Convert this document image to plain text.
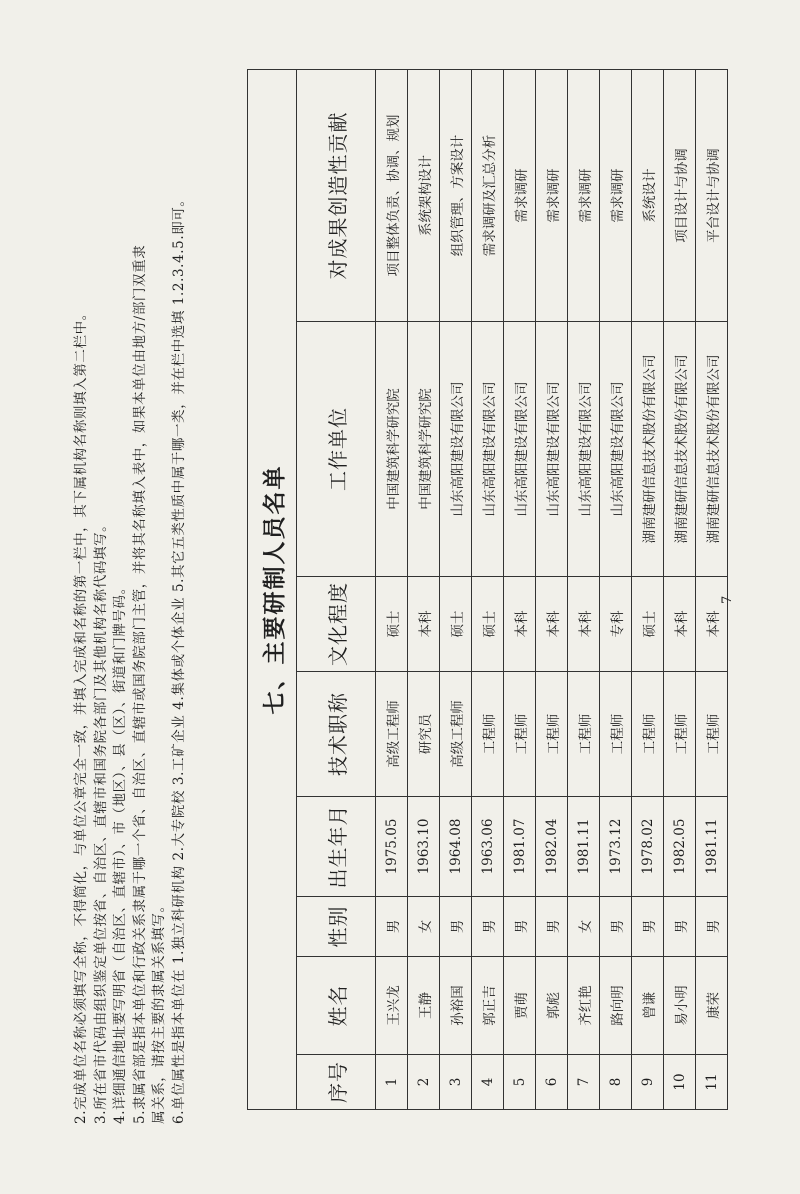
2.完成单位名称必须填写全称，不得简化，与单位公章完全一致，并填入完成和名称的第一栏中，其下属机构名称则填入第二栏中。 3.所在省市代码由组织鉴定单位按省、自治区、直辖市和国务院各部门及其他机构名称代码填写。 4.详细通信地址要写明省（自治区、直辖市）、市（地区）、县（区）、街道和门牌号码。 5.隶属省部是指本单位和行政关系隶属于哪一个省、自治区、直辖市或国务院部门主管，并将其名称填入表中，如果本单位由地方/部门双重隶 属关系，请按主要的隶属关系填写。 6.单位属性是指本单位在 1.独立科研机构 2.大专院校 3.工矿企业 4.集体或个体企业 5.其它五类性质中属于哪一类，并在栏中选填 1.2.3.4.5.即可。	七、主要研制人员名单							
序号	姓名	性别	出生年月	技术职称	文化程度	工作单位	对成果创造性贡献
1	王兴龙	男	1975.05	高级工程师	硕士	中国建筑科学研究院	项目整体负责、协调、规划
2	王静	女	1963.10	研究员	本科	中国建筑科学研究院	系统架构设计
3	孙裕国	男	1964.08	高级工程师	硕士	山东高阳建设有限公司	组织管理、方案设计
4	郭正吉	男	1963.06	工程师	硕士	山东高阳建设有限公司	需求调研及汇总分析
5	贾萌	男	1981.07	工程师	本科	山东高阳建设有限公司	需求调研
6	郭彪	男	1982.04	工程师	本科	山东高阳建设有限公司	需求调研
7	齐红艳	女	1981.11	工程师	本科	山东高阳建设有限公司	需求调研
8	路向明	男	1973.12	工程师	专科	山东高阳建设有限公司	需求调研
9	曾谦	男	1978.02	工程师	硕士	湖南建研信息技术股份有限公司	系统设计
10	易小明	男	1982.05	工程师	本科	湖南建研信息技术股份有限公司	项目设计与协调
11	康荣	男	1981.11	工程师	本科	湖南建研信息技术股份有限公司	平台设计与协调
7
